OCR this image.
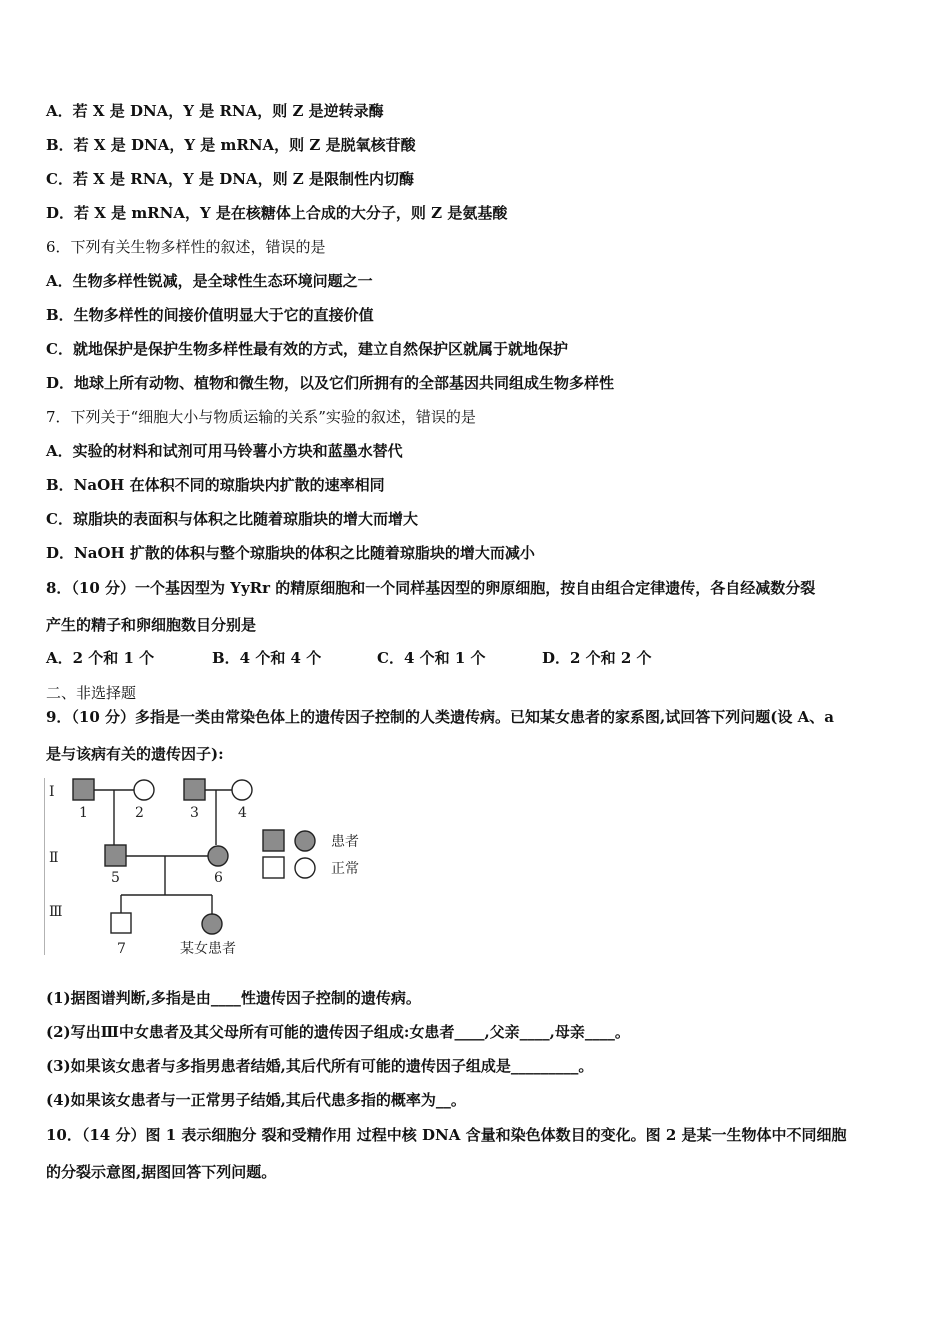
A．若 X 是 DNA，Y 是 RNA，则 Z 是逆转录酶
B．若 X 是 DNA，Y 是 mRNA，则 Z 是脱氧核苷酸
C．若 X 是 RNA，Y 是 DNA，则 Z 是限制性内切酶
D．若 X 是 mRNA，Y 是在核糖体上合成的大分子，则 Z 是氨基酸
6．下列有关生物多样性的叙述，错误的是
A．生物多样性锐减，是全球性生态环境问题之一
B．生物多样性的间接价值明显大于它的直接价值
C．就地保护是保护生物多样性最有效的方式，建立自然保护区就属于就地保护
D．地球上所有动物、植物和微生物，以及它们所拥有的全部基因共同组成生物多样性
7．下列关于“细胞大小与物质运输的关系”实验的叙述，错误的是
A．实验的材料和试剂可用马铃薯小方块和蓝墨水替代
B．NaOH 在体积不同的琼脂块内扩散的速率相同
C．琼脂块的表面积与体积之比随着琼脂块的增大而增大
D．NaOH 扩散的体积与整个琼脂块的体积之比随着琼脂块的增大而减小
8．（10 分）一个基因型为 YyRr 的精原细胞和一个同样基因型的卵原细胞，按自由组合定律遗传，各自经减数分裂
产生的精子和卵细胞数目分别是
A．2 个和 1 个	B．4 个和 4 个	C．4 个和 1 个	D．2 个和 2 个
二、非选择题
9．（10 分）多指是一类由常染色体上的遗传因子控制的人类遗传病。已知某女患者的家系图,试回答下列问题(设 A、a
是与该病有关的遗传因子):
Ⅰ
Ⅱ
Ⅲ
1	2	3	4
5	6
7	某女患者
患者
正常
(1)据图谱判断,多指是由____性遗传因子控制的遗传病。
(2)写出Ⅲ中女患者及其父母所有可能的遗传因子组成:女患者____,父亲____,母亲____。
(3)如果该女患者与多指男患者结婚,其后代所有可能的遗传因子组成是_________。
(4)如果该女患者与一正常男子结婚,其后代患多指的概率为__。
10．（14 分）图 1 表示细胞分 裂和受精作用 过程中核 DNA 含量和染色体数目的变化。图 2 是某一生物体中不同细胞
的分裂示意图,据图回答下列问题。
